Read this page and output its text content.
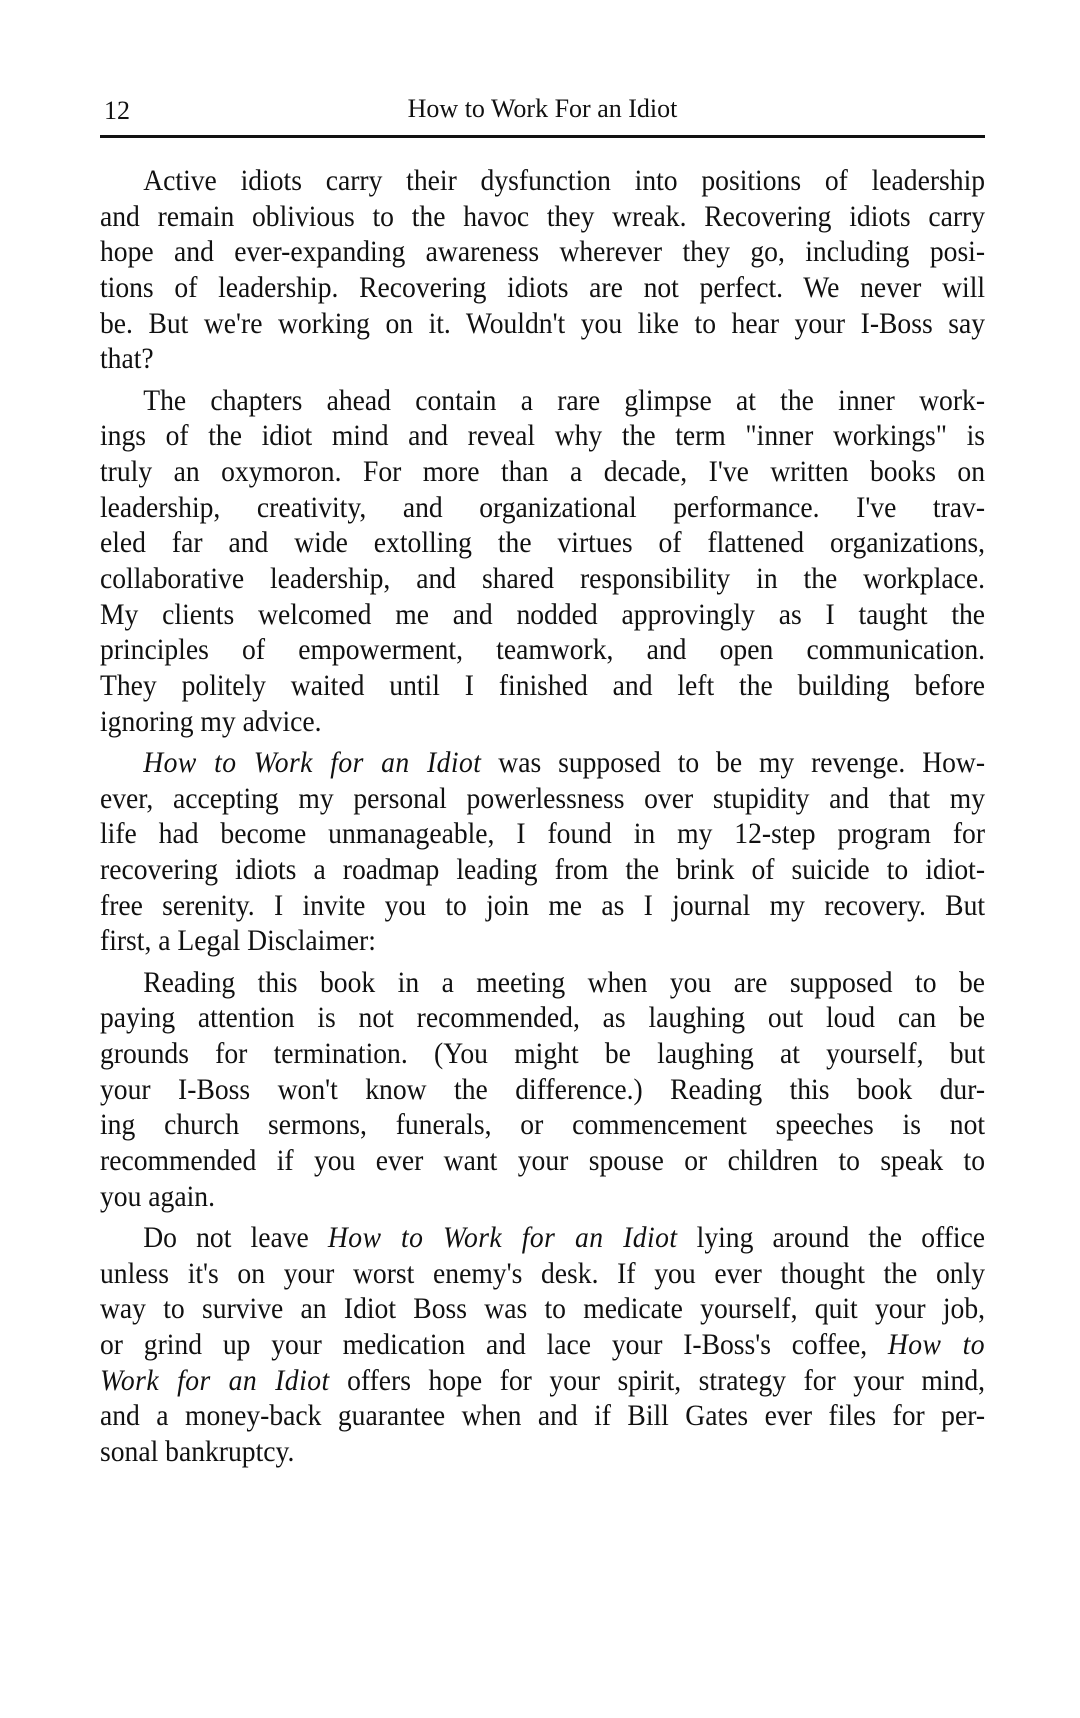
12	How to Work For an Idiot
Active idiots carry their dysfunction into positions of leadership
and remain oblivious to the havoc they wreak. Recovering idiots carry
hope and ever-expanding awareness wherever they go, including posi-
tions of leadership. Recovering idiots are not perfect. We never will
be. But we're working on it. Wouldn't you like to hear your I-Boss say
that?
The chapters ahead contain a rare glimpse at the inner work-
ings of the idiot mind and reveal why the term "inner workings" is
truly an oxymoron. For more than a decade, I've written books on
leadership, creativity, and organizational performance. I've trav-
eled far and wide extolling the virtues of flattened organizations,
collaborative leadership, and shared responsibility in the workplace.
My clients welcomed me and nodded approvingly as I taught the
principles of empowerment, teamwork, and open communication.
They politely waited until I finished and left the building before
ignoring my advice.
How to Work for an Idiot was supposed to be my revenge. How-
ever, accepting my personal powerlessness over stupidity and that my
life had become unmanageable, I found in my 12-step program for
recovering idiots a roadmap leading from the brink of suicide to idiot-
free serenity. I invite you to join me as I journal my recovery. But
first, a Legal Disclaimer:
Reading this book in a meeting when you are supposed to be
paying attention is not recommended, as laughing out loud can be
grounds for termination. (You might be laughing at yourself, but
your I-Boss won't know the difference.) Reading this book dur-
ing church sermons, funerals, or commencement speeches is not
recommended if you ever want your spouse or children to speak to
you again.
Do not leave How to Work for an Idiot lying around the office
unless it's on your worst enemy's desk. If you ever thought the only
way to survive an Idiot Boss was to medicate yourself, quit your job,
or grind up your medication and lace your I-Boss's coffee, How to
Work for an Idiot offers hope for your spirit, strategy for your mind,
and a money-back guarantee when and if Bill Gates ever files for per-
sonal bankruptcy.
